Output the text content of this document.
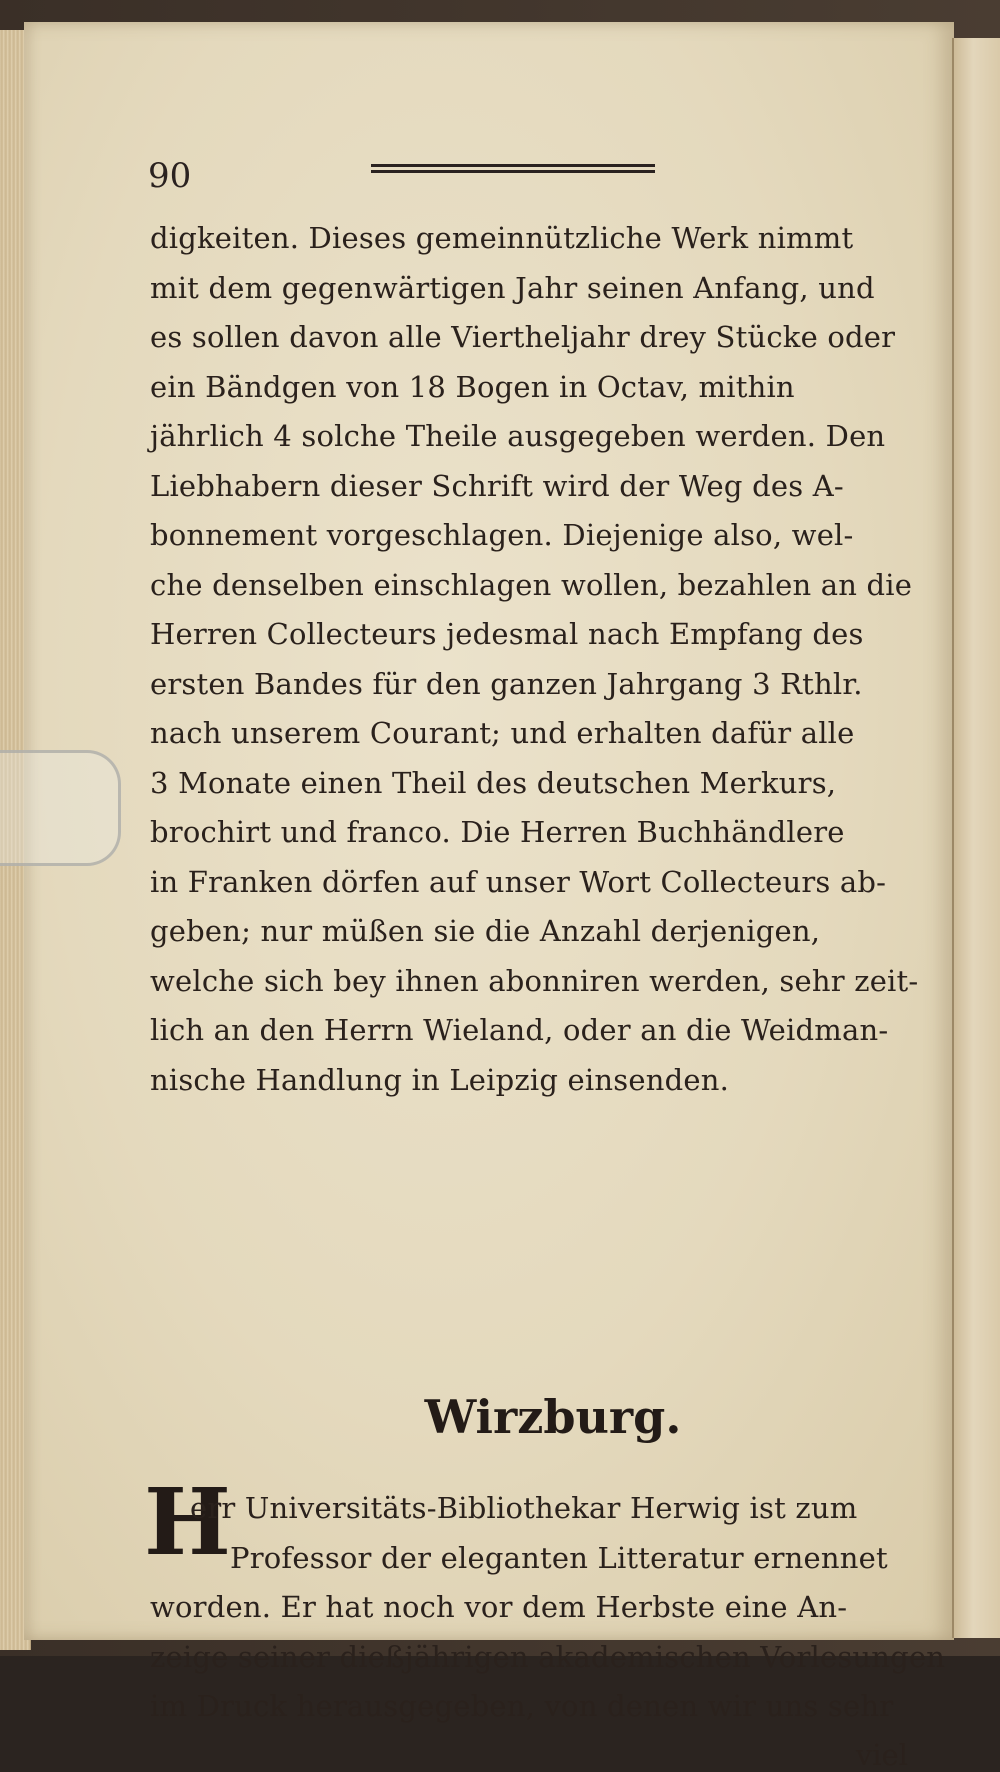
90
digkeiten. Dieses gemeinnützliche Werk nimmt
mit dem gegenwärtigen Jahr seinen Anfang, und
es sollen davon alle Viertheljahr drey Stücke oder
ein Bändgen von 18 Bogen in Octav, mithin
jährlich 4 solche Theile ausgegeben werden. Den
Liebhabern dieser Schrift wird der Weg des A-
bonnement vorgeschlagen. Diejenige also, wel-
che denselben einschlagen wollen, bezahlen an die
Herren Collecteurs jedesmal nach Empfang des
ersten Bandes für den ganzen Jahrgang 3 Rthlr.
nach unserem Courant; und erhalten dafür alle
3 Monate einen Theil des deutschen Merkurs,
brochirt und franco. Die Herren Buchhändlere
in Franken dörfen auf unser Wort Collecteurs ab-
geben; nur müßen sie die Anzahl derjenigen,
welche sich bey ihnen abonniren werden, sehr zeit-
lich an den Herrn Wieland, oder an die Weidman-
nische Handlung in Leipzig einsenden.
Wirzburg.
H
err Universitäts-Bibliothekar Herwig ist zum
Professor der eleganten Litteratur ernennet
worden. Er hat noch vor dem Herbste eine An-
zeige seiner dießjährigen akademischen Vorlesungen
im Druck herausgegeben, von denen wir uns sehr
viel
